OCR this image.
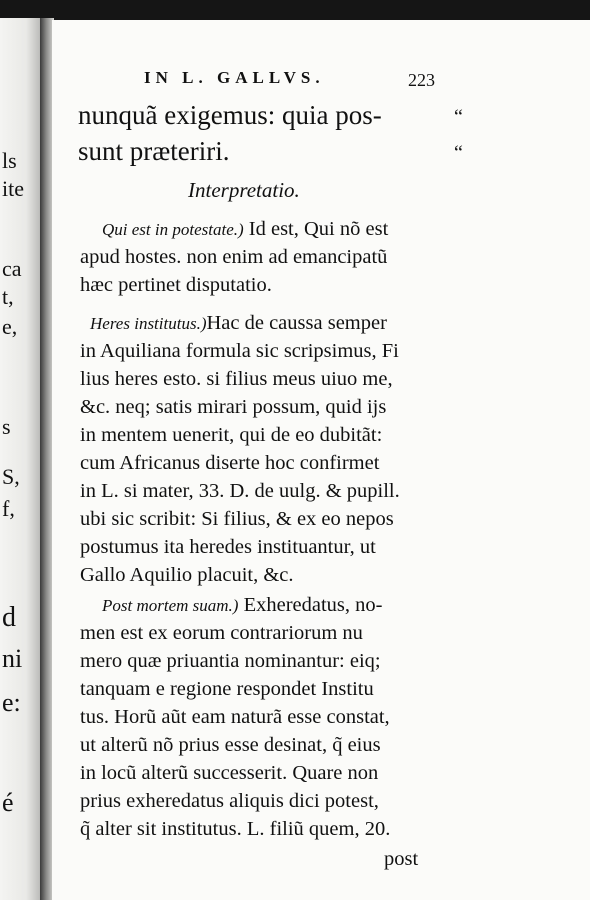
ls
ite
ca
t,
e,
s
S,
f,
d
ni
e:
é
IN L. GALLVS.	223
nunquã exigemus: quia pos-
sunt præteriri.
“
“
Interpretatio.
Qui est in potestate.) Id est, Qui nõ est
apud hostes. non enim ad emancipatũ
hæc pertinet disputatio.
Heres institutus.)Hac de caussa semper
in Aquiliana formula sic scripsimus, Fi
lius heres esto. si filius meus uiuo me,
&c. neq; satis mirari possum, quid ijs
in mentem uenerit, qui de eo dubitãt:
cum Africanus diserte hoc confirmet
in L. si mater, 33. D. de uulg. & pupill.
ubi sic scribit: Si filius, & ex eo nepos
postumus ita heredes instituantur, ut
Gallo Aquilio placuit, &c.
Post mortem suam.) Exheredatus, no-
men est ex eorum contrariorum nu
mero quæ priuantia nominantur: eiq;
tanquam e regione respondet Institu
tus. Horũ aũt eam naturã esse constat,
ut alterũ nõ prius esse desinat, q̃ eius
in locũ alterũ successerit. Quare non
prius exheredatus aliquis dici potest,
q̃ alter sit institutus. L. filiũ quem, 20.
post
